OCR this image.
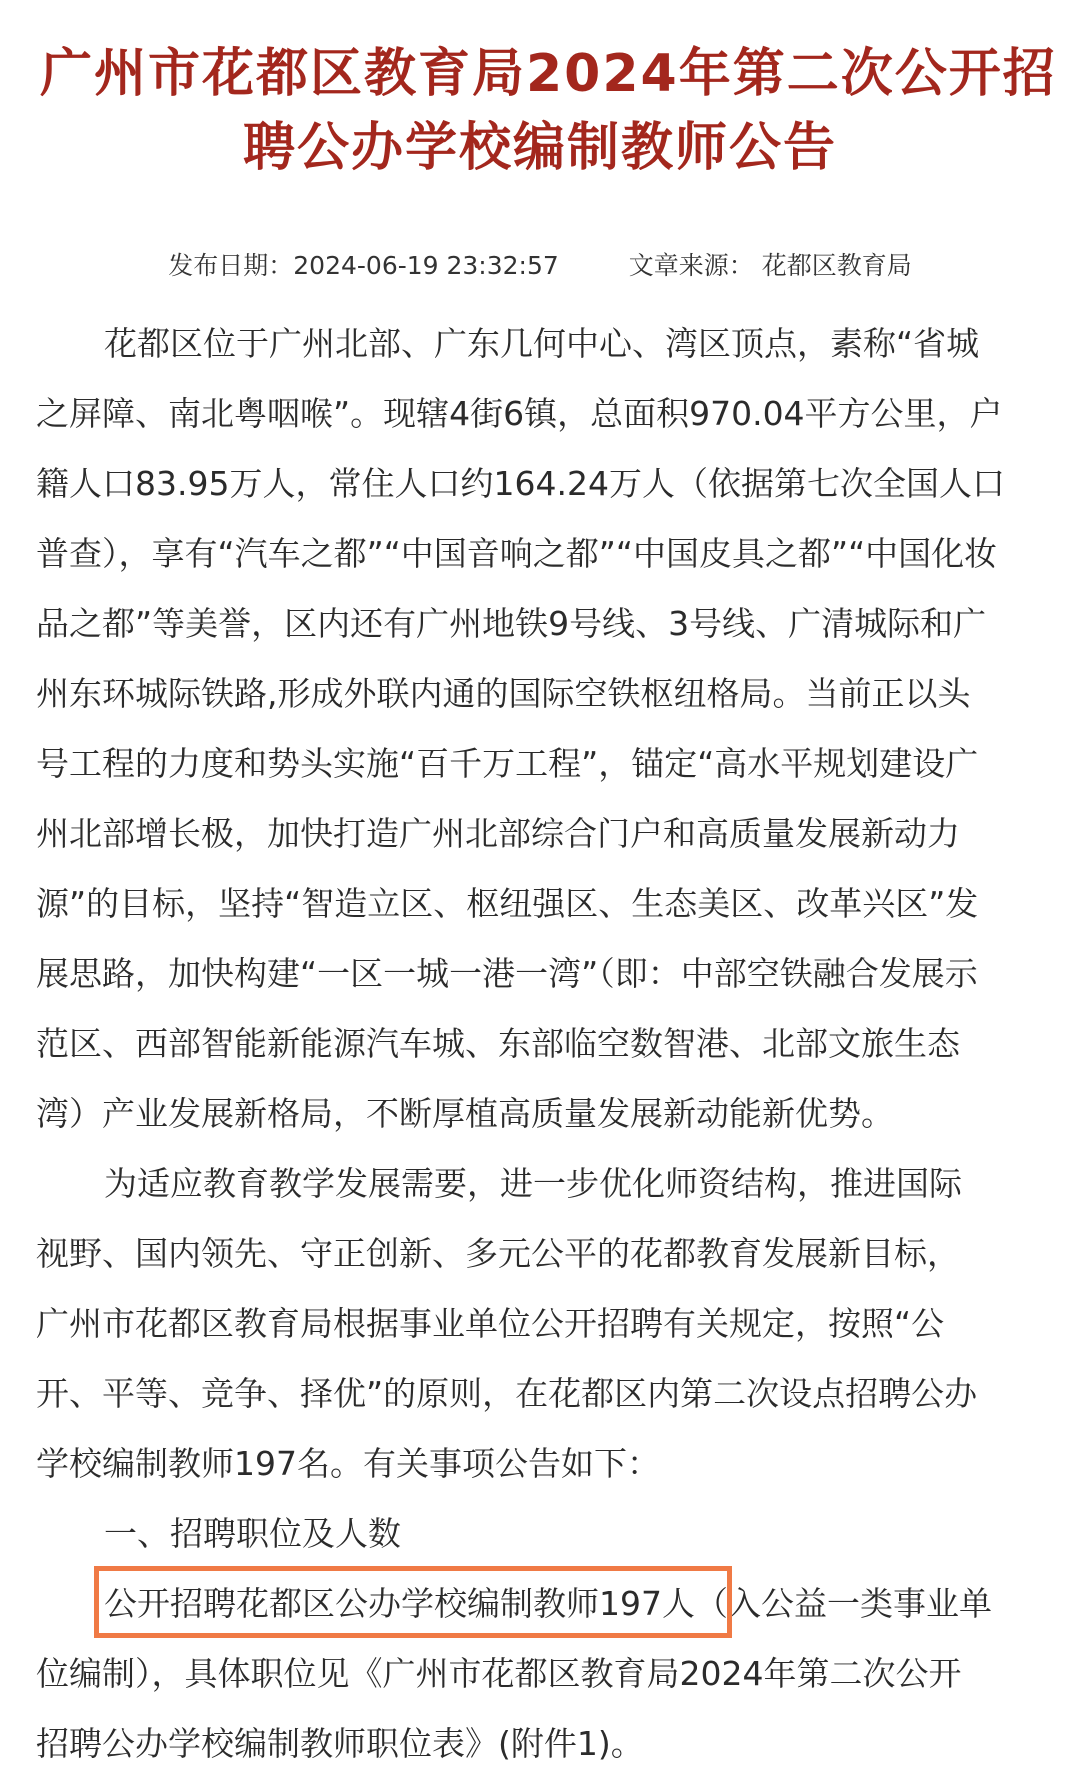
广州市花都区教育局2024年第二次公开招
聘公办学校编制教师公告
发布日期：2024-06-19 23:32:57	文章来源： 花都区教育局
花都区位于广州北部、广东几何中心、湾区顶点，素称“省城
之屏障、南北粤咽喉”。现辖4街6镇，总面积970.04平方公里，户
籍人口83.95万人，常住人口约164.24万人（依据第七次全国人口
普查），享有“汽车之都”“中国音响之都”“中国皮具之都”“中国化妆
品之都”等美誉，区内还有广州地铁9号线、3号线、广清城际和广
州东环城际铁路,形成外联内通的国际空铁枢纽格局。当前正以头
号工程的力度和势头实施“百千万工程”，锚定“高水平规划建设广
州北部增长极，加快打造广州北部综合门户和高质量发展新动力
源”的目标，坚持“智造立区、枢纽强区、生态美区、改革兴区”发
展思路，加快构建“一区一城一港一湾”（即：中部空铁融合发展示
范区、西部智能新能源汽车城、东部临空数智港、北部文旅生态
湾）产业发展新格局，不断厚植高质量发展新动能新优势。
为适应教育教学发展需要，进一步优化师资结构，推进国际
视野、国内领先、守正创新、多元公平的花都教育发展新目标，
广州市花都区教育局根据事业单位公开招聘有关规定，按照“公
开、平等、竞争、择优”的原则，在花都区内第二次设点招聘公办
学校编制教师197名。有关事项公告如下：
一、招聘职位及人数
公开招聘花都区公办学校编制教师197人（入公益一类事业单
位编制），具体职位见《广州市花都区教育局2024年第二次公开
招聘公办学校编制教师职位表》(附件1)。
